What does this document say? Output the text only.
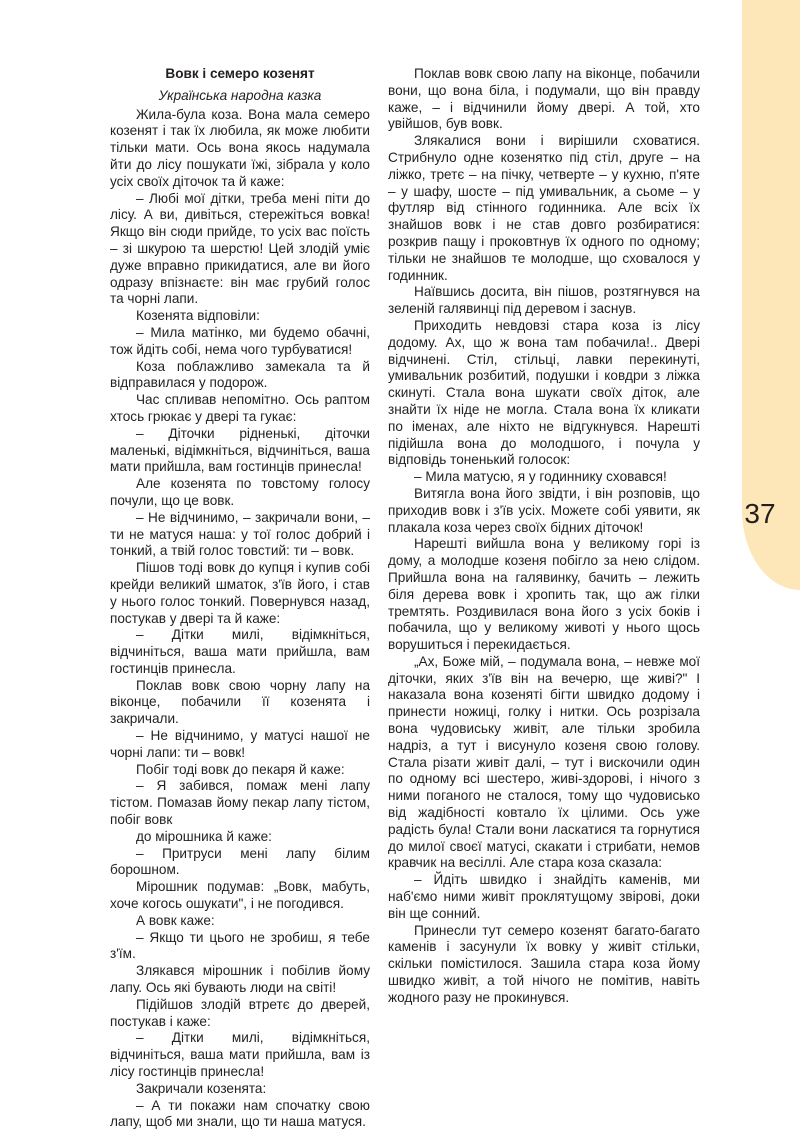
37

Вовк і семеро козенят

Українська народна казка

Жила-була коза. Вона мала семеро козенят і так їх любила, як може любити тільки мати. Ось вона якось надумала йти до лісу пошукати їжі, зібрала у коло усіх своїх діточок та й каже:

– Любі мої дітки, треба мені піти до лісу. А ви, дивіться, стережіться вовка! Якщо він сюди прийде, то усіх вас поїсть – зі шкурою та шерстю! Цей злодій уміє дуже вправно прикидатися, але ви його одразу впізнаєте: він має грубий голос та чорні лапи.

Козенята відповіли:

– Мила матінко, ми будемо обачні, тож йдіть собі, нема чого турбуватися!

Коза поблажливо замекала та й відправилася у подорож.

Час спливав непомітно. Ось раптом хтось грюкає у двері та гукає:

– Діточки рідненькі, діточки маленькі, відімкніться, відчиніться, ваша мати прийшла, вам гостинців принесла!

Але козенята по товстому голосу почули, що це вовк.

– Не відчинимо, – закричали вони, – ти не матуся наша: у тої голос добрий і тонкий, а твій голос товстий: ти – вовк.

Пішов тоді вовк до купця і купив собі крейди великий шматок, з'їв його, і став у нього голос тонкий. Повернувся назад, постукав у двері та й каже:

– Дітки милі, відімкніться, відчиніться, ваша мати прийшла, вам гостинців принесла.

Поклав вовк свою чорну лапу на віконце, побачили її козенята і закричали.

– Не відчинимо, у матусі нашої не чорні лапи: ти – вовк!

Побіг тоді вовк до пекаря й каже:

– Я забився, помаж мені лапу тістом. Помазав йому пекар лапу тістом, побіг вовк

до мірошника й каже:

– Притруси мені лапу білим борошном.

Мірошник подумав: „Вовк, мабуть, хоче когось ошукати", і не погодився.

А вовк каже:

– Якщо ти цього не зробиш, я тебе з'їм.

Злякався мірошник і побілив йому лапу. Ось які бувають люди на світі!

Підійшов злодій втретє до дверей, постукав і каже:

– Дітки милі, відімкніться, відчиніться, ваша мати прийшла, вам із лісу гостинців принесла!

Закричали козенята:

– А ти покажи нам спочатку свою лапу, щоб ми знали, що ти наша матуся.

Поклав вовк свою лапу на віконце, побачили вони, що вона біла, і подумали, що він правду каже, – і відчинили йому двері. А той, хто увійшов, був вовк.

Злякалися вони і вирішили сховатися. Стрибнуло одне козенятко під стіл, друге – на ліжко, третє – на пічку, четверте – у кухню, п'яте – у шафу, шосте – під умивальник, а сьоме – у футляр від стінного годинника. Але всіх їх знайшов вовк і не став довго розбиратися: розкрив пащу і проковтнув їх одного по одному; тільки не знайшов те молодше, що сховалося у годинник.

Наївшись досита, він пішов, розтягнувся на зеленій галявинці під деревом і заснув.

Приходить невдовзі стара коза із лісу додому. Ах, що ж вона там побачила!.. Двері відчинені. Стіл, стільці, лавки перекинуті, умивальник розбитий, подушки і ковдри з ліжка скинуті. Стала вона шукати своїх діток, але знайти їх ніде не могла. Стала вона їх кликати по іменах, але ніхто не відгукнувся. Нарешті підійшла вона до молодшого, і почула у відповідь тоненький голосок:

– Мила матусю, я у годиннику сховався!

Витягла вона його звідти, і він розповів, що приходив вовк і з'їв усіх. Можете собі уявити, як плакала коза через своїх бідних діточок!

Нарешті вийшла вона у великому горі із дому, а молодше козеня побігло за нею слідом. Прийшла вона на галявинку, бачить – лежить біля дерева вовк і хропить так, що аж гілки тремтять. Роздивилася вона його з усіх боків і побачила, що у великому животі у нього щось ворушиться і перекидається.

„Ах, Боже мій, – подумала вона, – невже мої діточки, яких з'їв він на вечерю, ще живі?" І наказала вона козеняті бігти швидко додому і принести ножиці, голку і нитки. Ось розрізала вона чудовиську живіт, але тільки зробила надріз, а тут і висунуло козеня свою голову. Стала різати живіт далі, – тут і вискочили один по одному всі шестеро, живі-здорові, і нічого з ними поганого не сталося, тому що чудовисько від жадібності ковтало їх цілими. Ось уже радість була! Стали вони ласкатися та горнутися до милої своєї матусі, скакати і стрибати, немов кравчик на весіллі. Але стара коза сказала:

– Йдіть швидко і знайдіть каменів, ми наб'ємо ними живіт проклятущому звірові, доки він ще сонний.

Принесли тут семеро козенят багато-багато каменів і засунули їх вовку у живіт стільки, скільки помістилося. Зашила стара коза йому швидко живіт, а той нічого не помітив, навіть жодного разу не прокинувся.
